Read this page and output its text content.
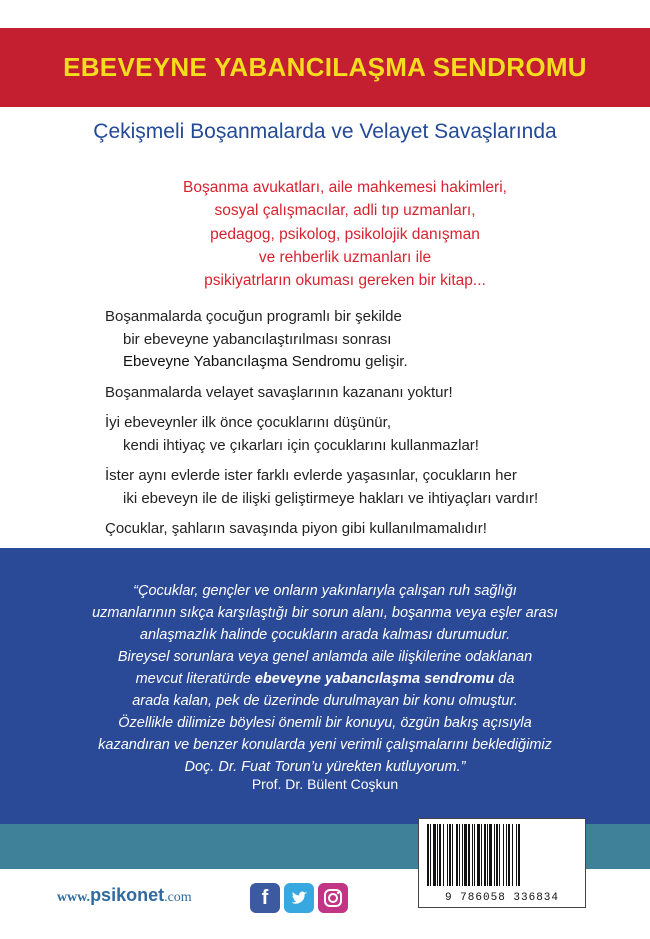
EBEVEYNE YABANCILAŞMA SENDROMU
Çekişmeli Boşanmalarda ve Velayet Savaşlarında
Boşanma avukatları, aile mahkemesi hakimleri,
sosyal çalışmacılar, adli tıp uzmanları,
pedagog, psikolog, psikolojik danışman
ve rehberlik uzmanları ile
psikiyatrların okuması gereken bir kitap...
Boşanmalarda çocuğun programlı bir şekilde
bir ebeveyne yabancılaştırılması sonrası
Ebeveyne Yabancılaşma Sendromu gelişir.
Boşanmalarda velayet savaşlarının kazananı yoktur!
İyi ebeveynler ilk önce çocuklarını düşünür,
kendi ihtiyaç ve çıkarları için çocuklarını kullanmazlar!
İster aynı evlerde ister farklı evlerde yaşasınlar, çocukların her
iki ebeveyn ile de ilişki geliştirmeye hakları ve ihtiyaçları vardır!
Çocuklar, şahların savaşında piyon gibi kullanılmamalıdır!
“Çocuklar, gençler ve onların yakınlarıyla çalışan ruh sağlığı
uzmanlarının sıkça karşılaştığı bir sorun alanı, boşanma veya eşler arası
anlaşmazlık halinde çocukların arada kalması durumudur.
Bireysel sorunlara veya genel anlamda aile ilişkilerine odaklanan
mevcut literatürde ebeveyne yabancılaşma sendromu da
arada kalan, pek de üzerinde durulmayan bir konu olmuştur.
Özellikle dilimize böylesi önemli bir konuyu, özgün bakış açısıyla
kazandıran ve benzer konularda yeni verimli çalışmalarını beklediğimiz
Doç. Dr. Fuat Torun’u yürekten kutluyorum.”
Prof. Dr. Bülent Coşkun
9 786058 336834
www.psikonet.com	f
